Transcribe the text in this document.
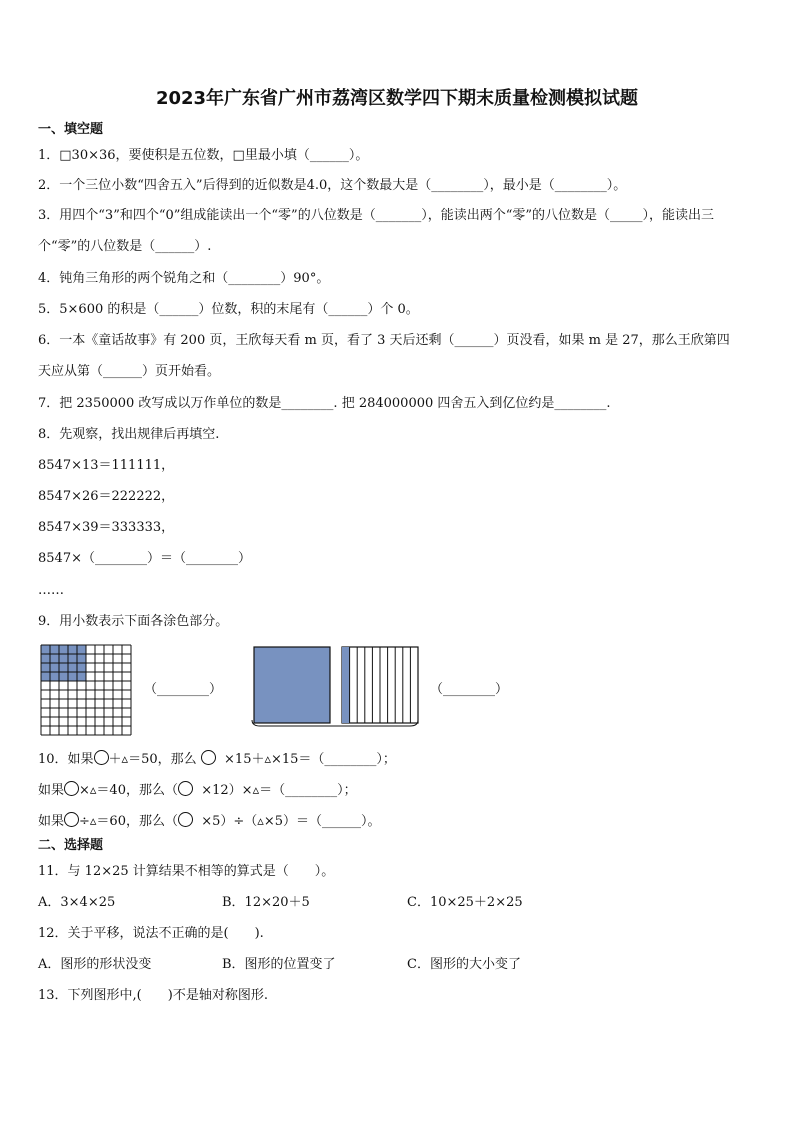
2023年广东省广州市荔湾区数学四下期末质量检测模拟试题
一、填空题
1．□30×36，要使积是五位数，□里最小填（______）。
2．一个三位小数“四舍五入”后得到的近似数是4.0，这个数最大是（________），最小是（________）。
3．用四个“3”和四个“0”组成能读出一个“零”的八位数是（_______），能读出两个“零”的八位数是（_____），能读出三
个“零”的八位数是（______）.
4．钝角三角形的两个锐角之和（________）90°。
5．5×600 的积是（______）位数，积的末尾有（______）个 0。
6．一本《童话故事》有 200 页，王欣每天看 m 页，看了 3 天后还剩（______）页没看，如果 m 是 27，那么王欣第四
天应从第（______）页开始看。
7．把 2350000 改写成以万作单位的数是________. 把 284000000 四舍五入到亿位约是________.
8．先观察，找出规律后再填空.
8547×13＝111111，
8547×26＝222222，
8547×39＝333333，
8547×（________）＝（________）
……
9．用小数表示下面各涂色部分。
（________）	（________）
10．如果 ＋▵＝50，那么 ×15＋▵×15＝（________）；
如果 ×▵＝40，那么（ ×12）×▵＝（________）；
如果 ÷▵＝60，那么（ ×5）÷（▵×5）＝（______）。
二、选择题
11．与 12×25 计算结果不相等的算式是（　　）。
A．3×4×25	B．12×20＋5	C．10×25＋2×25
12．关于平移，说法不正确的是(　　).
A．图形的形状没变	B．图形的位置变了	C．图形的大小变了
13．下列图形中,(　　)不是轴对称图形.
